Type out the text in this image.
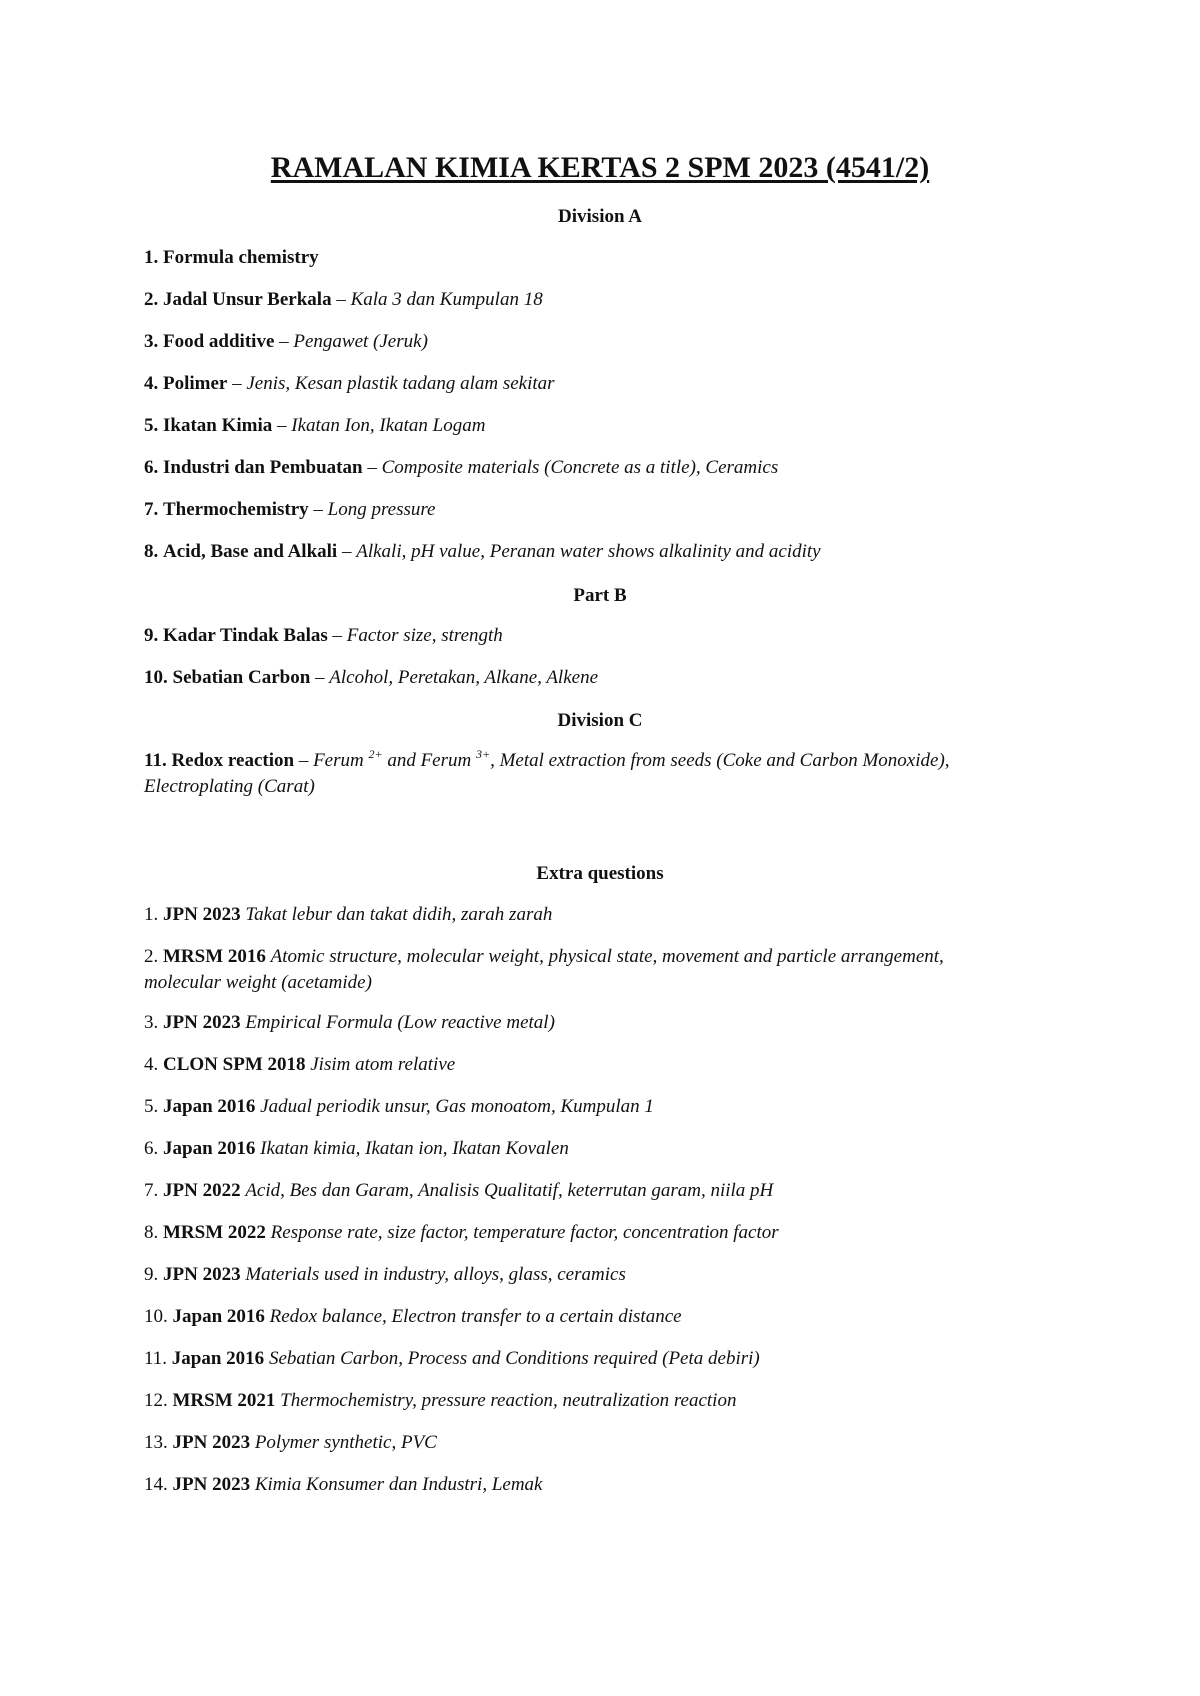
RAMALAN KIMIA KERTAS 2 SPM 2023 (4541/2)
Division A
1. Formula chemistry
2. Jadal Unsur Berkala – Kala 3 dan Kumpulan 18
3. Food additive – Pengawet (Jeruk)
4. Polimer – Jenis, Kesan plastik tadang alam sekitar
5. Ikatan Kimia – Ikatan Ion, Ikatan Logam
6. Industri dan Pembuatan – Composite materials (Concrete as a title), Ceramics
7. Thermochemistry – Long pressure
8. Acid, Base and Alkali – Alkali, pH value, Peranan water shows alkalinity and acidity
Part B
9. Kadar Tindak Balas – Factor size, strength
10. Sebatian Carbon – Alcohol, Peretakan, Alkane, Alkene
Division C
11. Redox reaction – Ferum $^{2+}$ and Ferum $^{3+}$, Metal extraction from seeds (Coke and Carbon Monoxide), Electroplating (Carat)
Extra questions
1. JPN 2023 Takat lebur dan takat didih, zarah zarah
2. MRSM 2016 Atomic structure, molecular weight, physical state, movement and particle arrangement, molecular weight (acetamide)
3. JPN 2023 Empirical Formula (Low reactive metal)
4. CLON SPM 2018 Jisim atom relative
5. Japan 2016 Jadual periodik unsur, Gas monoatom, Kumpulan 1
6. Japan 2016 Ikatan kimia, Ikatan ion, Ikatan Kovalen
7. JPN 2022 Acid, Bes dan Garam, Analisis Qualitatif, keterrutan garam, niila pH
8. MRSM 2022 Response rate, size factor, temperature factor, concentration factor
9. JPN 2023 Materials used in industry, alloys, glass, ceramics
10. Japan 2016 Redox balance, Electron transfer to a certain distance
11. Japan 2016 Sebatian Carbon, Process and Conditions required (Peta debiri)
12. MRSM 2021 Thermochemistry, pressure reaction, neutralization reaction
13. JPN 2023 Polymer synthetic, PVC
14. JPN 2023 Kimia Konsumer dan Industri, Lemak
